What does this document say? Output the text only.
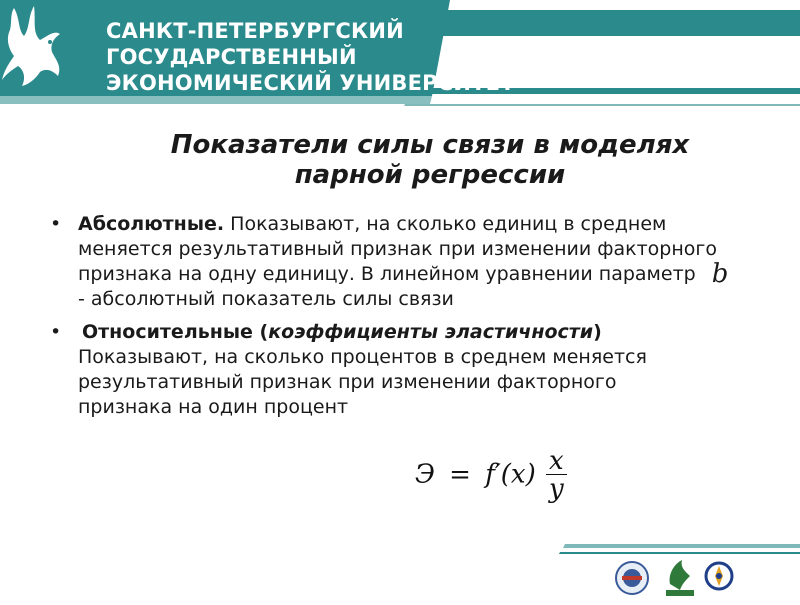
САНКТ-ПЕТЕРБУРГСКИЙ
ГОСУДАРСТВЕННЫЙ
ЭКОНОМИЧЕСКИЙ УНИВЕРСИТЕТ
Показатели силы связи в моделях
парной регрессии
• Абсолютные. Показывают, на сколько единиц в среднем меняется результативный признак при изменении факторного признака на одну единицу. В линейном уравнении параметр b - абсолютный показатель силы связи
• Относительные (коэффициенты эластичности)
Показывают, на сколько процентов в среднем меняется результативный признак при изменении факторного признака на один процент
$Э = f'(x) \frac{x}{y}$
